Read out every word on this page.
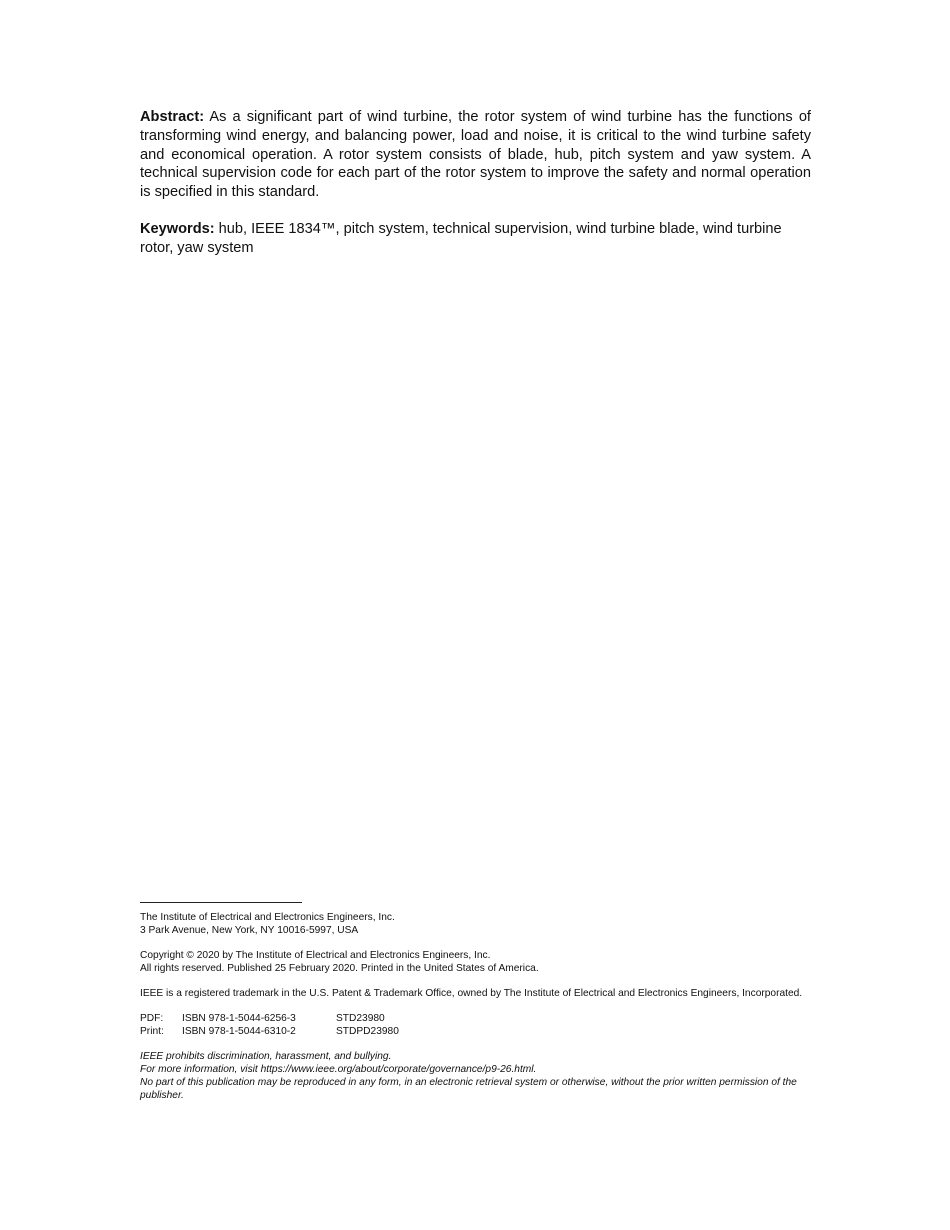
Abstract: As a significant part of wind turbine, the rotor system of wind turbine has the functions of transforming wind energy, and balancing power, load and noise, it is critical to the wind turbine safety and economical operation. A rotor system consists of blade, hub, pitch system and yaw system. A technical supervision code for each part of the rotor system to improve the safety and normal operation is specified in this standard.

Keywords: hub, IEEE 1834™, pitch system, technical supervision, wind turbine blade, wind turbine rotor, yaw system

The Institute of Electrical and Electronics Engineers, Inc.

3 Park Avenue, New York, NY 10016-5997, USA

Copyright © 2020 by The Institute of Electrical and Electronics Engineers, Inc.

All rights reserved. Published 25 February 2020. Printed in the United States of America.

IEEE is a registered trademark in the U.S. Patent & Trademark Office, owned by The Institute of Electrical and Electronics Engineers, Incorporated.

PDF:	ISBN 978-1-5044-6256-3	STD23980
Print:	ISBN 978-1-5044-6310-2	STDPD23980

IEEE prohibits discrimination, harassment, and bullying.

For more information, visit https://www.ieee.org/about/corporate/governance/p9-26.html.

No part of this publication may be reproduced in any form, in an electronic retrieval system or otherwise, without the prior written permission of the publisher.
